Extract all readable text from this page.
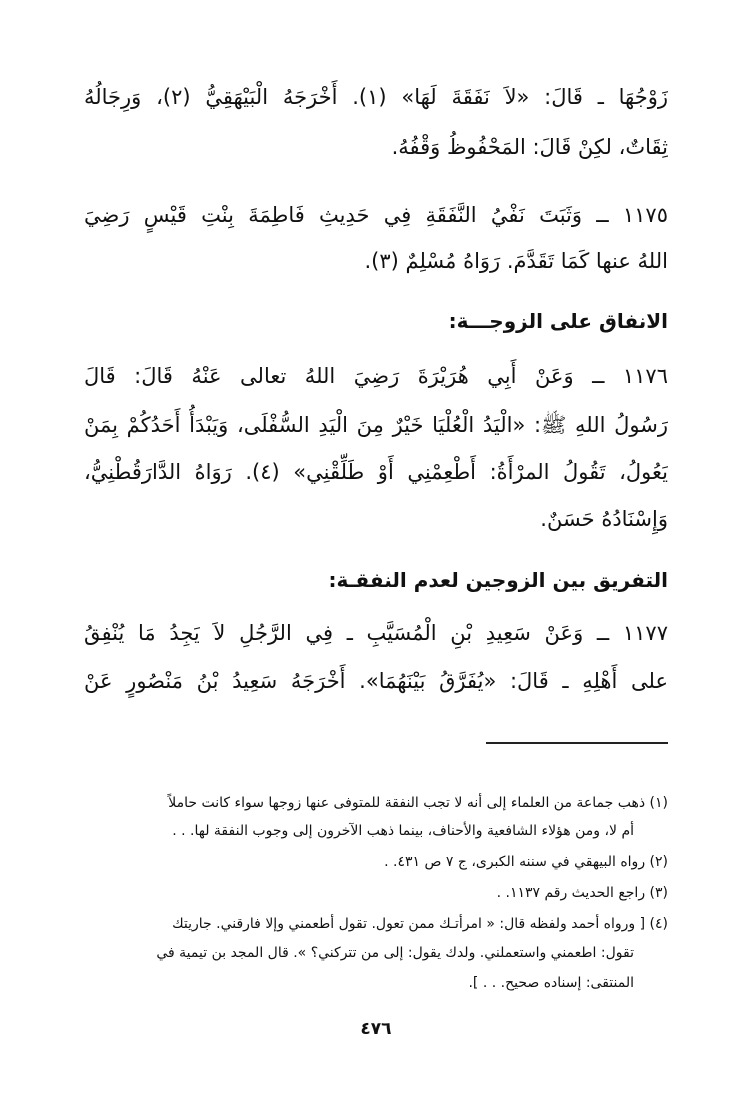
زَوْجُهَا ـ قَالَ: «لاَ نَفَقَةَ لَهَا» (١). أَخْرَجَهُ الْبَيْهَقِيُّ (٢)، وَرِجَالُهُ
ثِقَاتٌ، لكِنْ قَالَ: المَحْفُوظُ وَقْفُهُ.
١١٧٥ ــ وَثَبَتَ نَفْيُ النَّفَقَةِ فِي حَدِيثِ فَاطِمَةَ بِنْتِ قَيْسٍ رَضِيَ
اللهُ عنها كَمَا تَقَدَّمَ. رَوَاهُ مُسْلِمٌ (٣).
الانفاق على الزوجـــة:
١١٧٦ ــ وَعَنْ أَبِي هُرَيْرَةَ رَضِيَ اللهُ تعالى عَنْهُ قَالَ: قَالَ
رَسُولُ اللهِ ﷺ: «الْيَدُ الْعُلْيَا خَيْرٌ مِنَ الْيَدِ السُّفْلَى، وَيَبْدَأُ أَحَدُكُمْ بِمَنْ
يَعُولُ، تَقُولُ المرْأَةُ: أَطْعِمْنِي أَوْ طَلِّقْنِي» (٤). رَوَاهُ الدَّارَقُطْنِيُّ،
وَإِسْنَادُهُ حَسَنٌ.
التفريق بين الزوجين لعدم النفقـة:
١١٧٧ ــ وَعَنْ سَعِيدِ بْنِ الْمُسَيَّبِ ـ فِي الرَّجُلِ لاَ يَجِدُ مَا يُنْفِقُ
على أَهْلِهِ ـ قَالَ: «يُفَرَّقُ بَيْنَهُمَا». أَخْرَجَهُ سَعِيدُ بْنُ مَنْصُورٍ عَنْ
(١) ذهب جماعة من العلماء إلى أنه لا تجب النفقة للمتوفى عنها زوجها سواء كانت حاملاً
أم لا، ومن هؤلاء الشافعية والأحناف، بينما ذهب الآخرون إلى وجوب النفقة لها. . .
(٢) رواه البيهقي في سننه الكبرى، ج ٧ ص ٤٣١. .
(٣) راجع الحديث رقم ١١٣٧. .
(٤) [ ورواه أحمد ولفظه قال: « امرأتـك ممن تعول. تقول أطعمني وإلا فارقني. جاريتك
تقول: اطعمني واستعملني. ولدك يقول: إلى من تتركني؟ ». قال المجد بن تيمية في
المنتقى: إسناده صحيح. . . ].
٤٧٦
